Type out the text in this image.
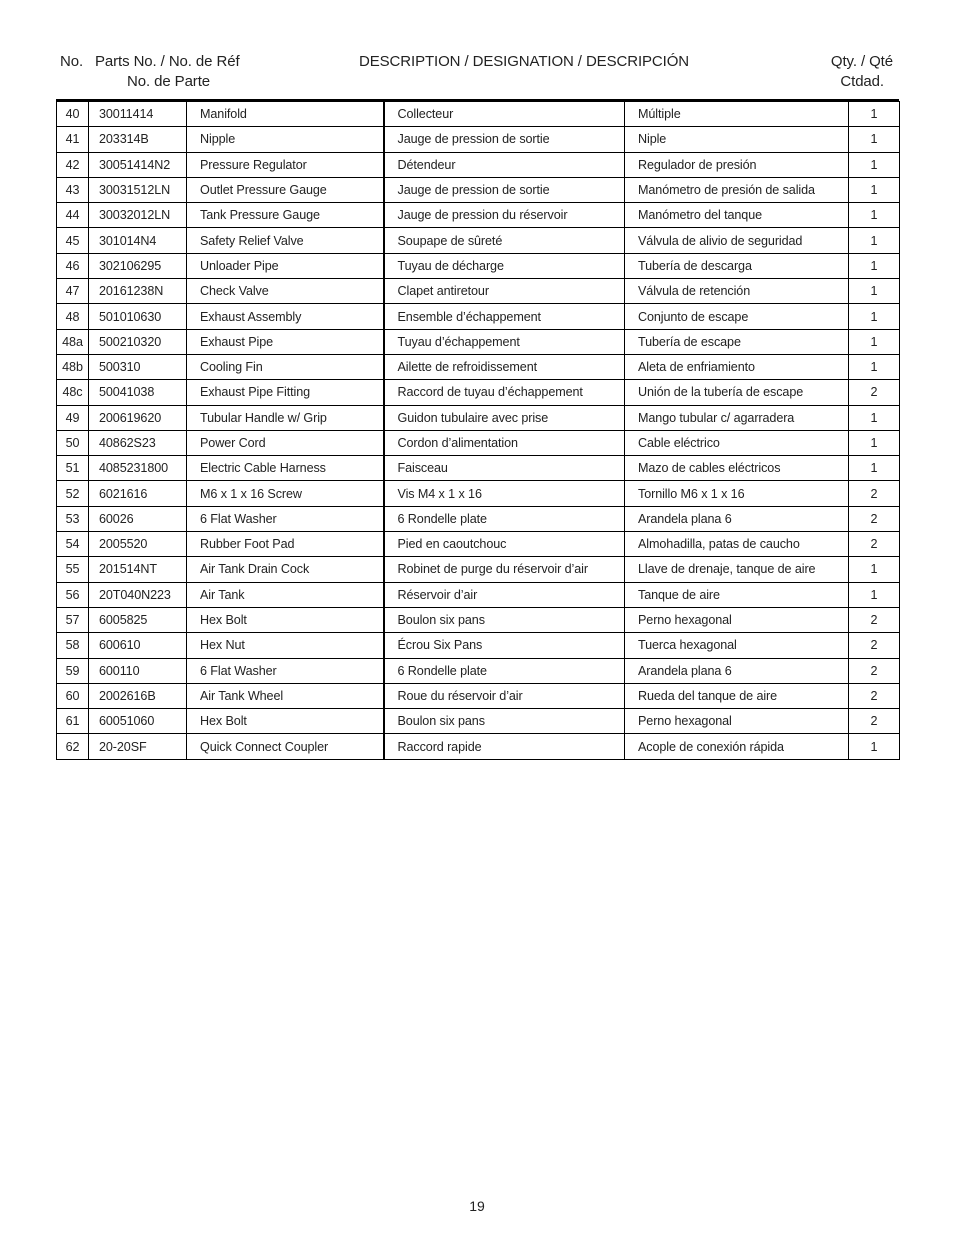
No. Parts No. / No. de Réf
No. de Parte
DESCRIPTION / DESIGNATION / DESCRIPCIÓN	Qty. / Qté
Ctdad.
40	30011414	Manifold	Collecteur	Múltiple	1
41	203314B	Nipple	Jauge de pression de sortie	Niple	1
42	30051414N2	Pressure Regulator	Détendeur	Regulador de presión	1
43	30031512LN	Outlet Pressure Gauge	Jauge de pression de sortie	Manómetro de presión de salida	1
44	30032012LN	Tank Pressure Gauge	Jauge de pression du réservoir	Manómetro del tanque	1
45	301014N4	Safety Relief Valve	Soupape de sûreté	Válvula de alivio de seguridad	1
46	302106295	Unloader Pipe	Tuyau de décharge	Tubería de descarga	1
47	20161238N	Check Valve	Clapet antiretour	Válvula de retención	1
48	501010630	Exhaust Assembly	Ensemble d’échappement	Conjunto de escape	1
48a	500210320	Exhaust Pipe	Tuyau d’échappement	Tubería de escape	1
48b	500310	Cooling Fin	Ailette de refroidissement	Aleta de enfriamiento	1
48c	50041038	Exhaust Pipe Fitting	Raccord de tuyau d’échappement	Unión de la tubería de escape	2
49	200619620	Tubular Handle w/ Grip	Guidon tubulaire avec prise	Mango tubular c/ agarradera	1
50	40862S23	Power Cord	Cordon d’alimentation	Cable eléctrico	1
51	4085231800	Electric Cable Harness	Faisceau	Mazo de cables eléctricos	1
52	6021616	M6 x 1 x 16 Screw	Vis M4 x 1 x 16	Tornillo M6 x 1 x 16	2
53	60026	6 Flat Washer	6 Rondelle plate	Arandela plana 6	2
54	2005520	Rubber Foot Pad	Pied en caoutchouc	Almohadilla, patas de caucho	2
55	201514NT	Air Tank Drain Cock	Robinet de purge du réservoir d’air	Llave de drenaje, tanque de aire	1
56	20T040N223	Air Tank	Réservoir d’air	Tanque de aire	1
57	6005825	Hex Bolt	Boulon six pans	Perno hexagonal	2
58	600610	Hex Nut	Écrou Six Pans	Tuerca hexagonal	2
59	600110	6 Flat Washer	6 Rondelle plate	Arandela plana 6	2
60	2002616B	Air Tank Wheel	Roue du réservoir d’air	Rueda del tanque de aire	2
61	60051060	Hex Bolt	Boulon six pans	Perno hexagonal	2
62	20-20SF	Quick Connect Coupler	Raccord rapide	Acople de conexión rápida	1
19
